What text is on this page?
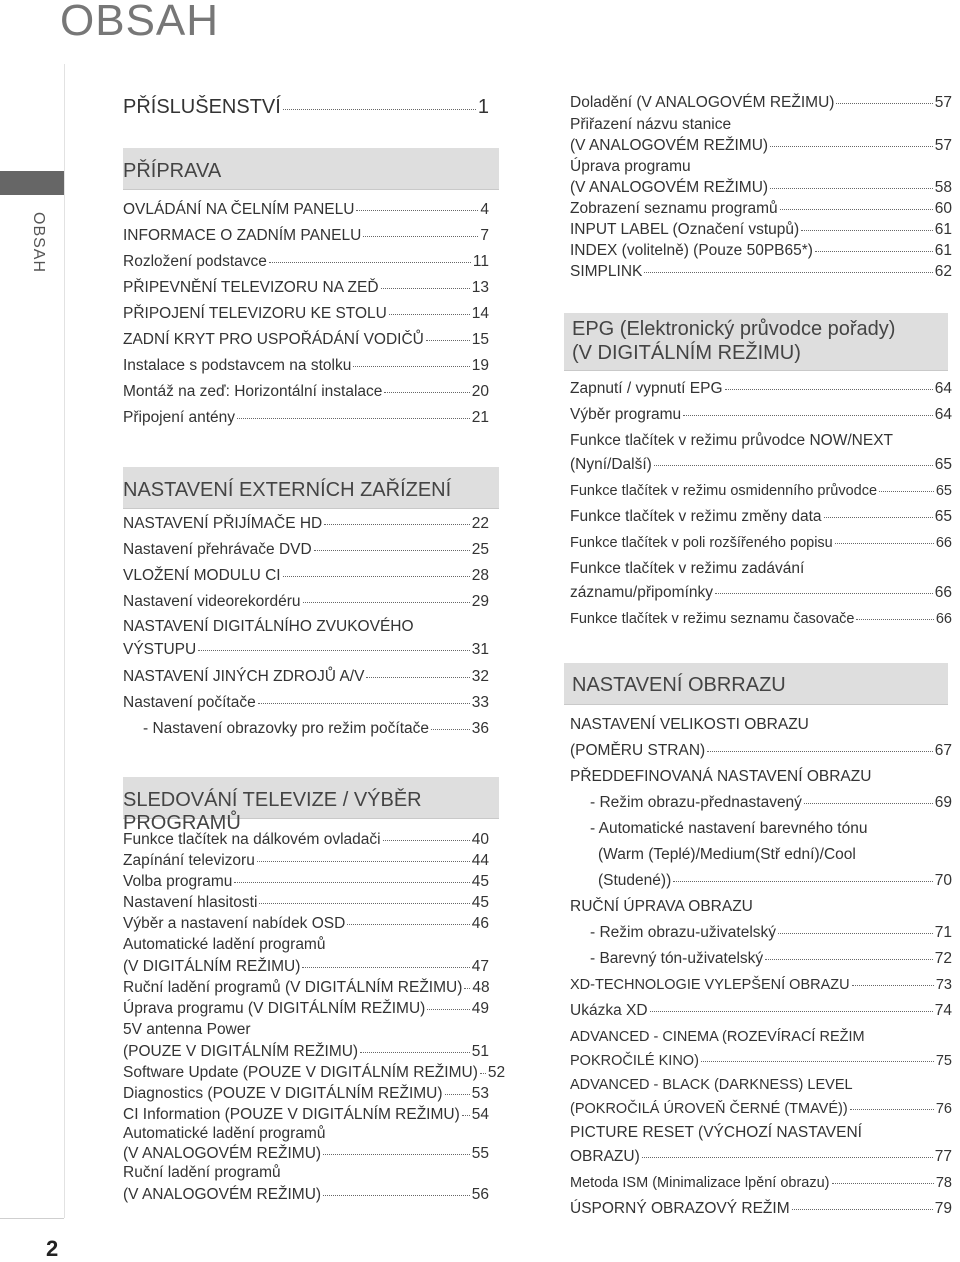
OBSAH
OBSAH
2
PŘÍSLUŠENSTVÍ	1
PŘÍPRAVA
OVLÁDÁNÍ NA ČELNÍM PANELU	4
INFORMACE O ZADNÍM PANELU	7
Rozložení podstavce	11
PŘIPEVNĚNÍ TELEVIZORU NA ZEĎ	13
PŘIPOJENÍ TELEVIZORU KE STOLU	14
ZADNÍ KRYT PRO USPOŘÁDÁNÍ VODIČŮ	15
Instalace s podstavcem na stolku	19
Montáž na zeď: Horizontální instalace	20
Připojení antény	21
NASTAVENÍ EXTERNÍCH ZAŘÍZENÍ
NASTAVENÍ PŘIJÍMAČE HD	22
Nastavení přehrávače DVD	25
VLOŽENÍ MODULU CI	28
Nastavení videorekordéru	29
NASTAVENÍ DIGITÁLNÍHO ZVUKOVÉHO
VÝSTUPU	31
NASTAVENÍ JINÝCH ZDROJŮ A/V	32
Nastavení počítače	33
- Nastavení obrazovky pro režim počítače	36
SLEDOVÁNÍ TELEVIZE / VÝBĚR PROGRAMŮ
Funkce tlačítek na dálkovém ovladači	40
Zapínání televizoru	44
Volba programu	45
Nastavení hlasitosti	45
Výběr a nastavení nabídek OSD	46
Automatické ladění programů
(V DIGITÁLNÍM REŽIMU)	47
Ruční ladění programů (V DIGITÁLNÍM REŽIMU) 48
Úprava programu (V DIGITÁLNÍM REŽIMU)	49
5V antenna Power
(POUZE V DIGITÁLNÍM REŽIMU)	51
Software Update (POUZE V DIGITÁLNÍM REŽIMU) 52
Diagnostics (POUZE V DIGITÁLNÍM REŽIMU) 53
CI Information (POUZE V DIGITÁLNÍM REŽIMU) 54
Automatické ladění programů
(V ANALOGOVÉM REŽIMU)	55
Ruční ladění programů
(V ANALOGOVÉM REŽIMU)	56
Doladění (V ANALOGOVÉM REŽIMU)	57
Přiřazení názvu stanice
(V ANALOGOVÉM REŽIMU)	57
Úprava programu
(V ANALOGOVÉM REŽIMU)	58
Zobrazení seznamu programů	60
INPUT LABEL (Označení vstupů)	61
INDEX (volitelně) (Pouze 50PB65*)	61
SIMPLINK	62
EPG (Elektronický průvodce pořady)
(V DIGITÁLNÍM REŽIMU)
Zapnutí / vypnutí EPG	64
Výběr programu	64
Funkce tlačítek v režimu průvodce NOW/NEXT
(Nyní/Další)	65
Funkce tlačítek v režimu osmidenního průvodce	65
Funkce tlačítek v režimu změny data	65
Funkce tlačítek v poli rozšířeného popisu	66
Funkce tlačítek v režimu zadávání
záznamu/připomínky	66
Funkce tlačítek v režimu seznamu časovače	66
NASTAVENÍ OBRRAZU
NASTAVENÍ VELIKOSTI OBRAZU
(POMĚRU STRAN)	67
PŘEDDEFINOVANÁ NASTAVENÍ OBRAZU
- Režim obrazu-přednastavený	69
- Automatické nastavení barevného tónu
(Warm (Teplé)/Medium(Stř ední)/Cool
(Studené))	70
RUČNÍ ÚPRAVA OBRAZU
- Režim obrazu-uživatelský	71
- Barevný tón-uživatelský	72
XD-TECHNOLOGIE VYLEPŠENÍ OBRAZU	73
Ukázka XD	74
ADVANCED - CINEMA (ROZEVÍRACÍ REŽIM
POKROČILÉ KINO)	75
ADVANCED - BLACK (DARKNESS) LEVEL
(POKROČILÁ ÚROVEŇ ČERNÉ (TMAVÉ))	76
PICTURE RESET (VÝCHOZÍ NASTAVENÍ
OBRAZU)	77
Metoda ISM (Minimalizace lpění obrazu)	78
ÚSPORNÝ OBRAZOVÝ REŽIM	79
